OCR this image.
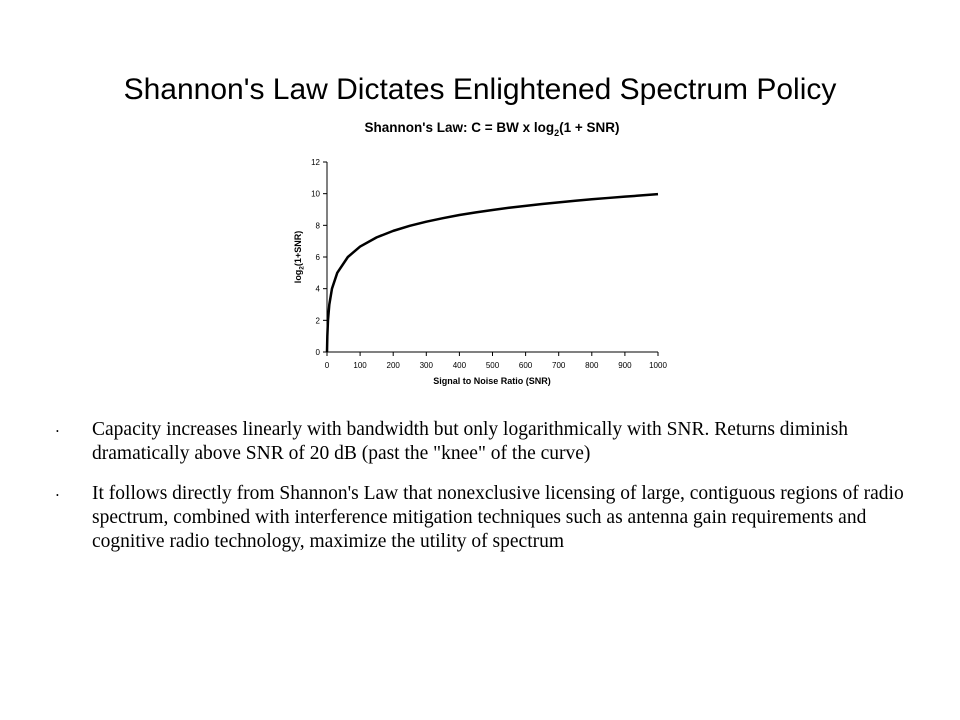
Shannon's Law Dictates Enlightened Spectrum Policy
Shannon's Law: C = BW x $\log_2(1 + SNR)$
0	100 200 300 400 500 600 700 800 900 1000
0
2
4
6
8
10
12
Signal to Noise Ratio (SNR)
$\log_2(1+SNR)$
• Capacity increases linearly with bandwidth but only logarithmically with SNR. Returns diminish dramatically above SNR of 20 dB (past the "knee" of the curve)
• It follows directly from Shannon's Law that nonexclusive licensing of large, contiguous regions of radio spectrum, combined with interference mitigation techniques such as antenna gain requirements and cognitive radio technology, maximize the utility of spectrum
